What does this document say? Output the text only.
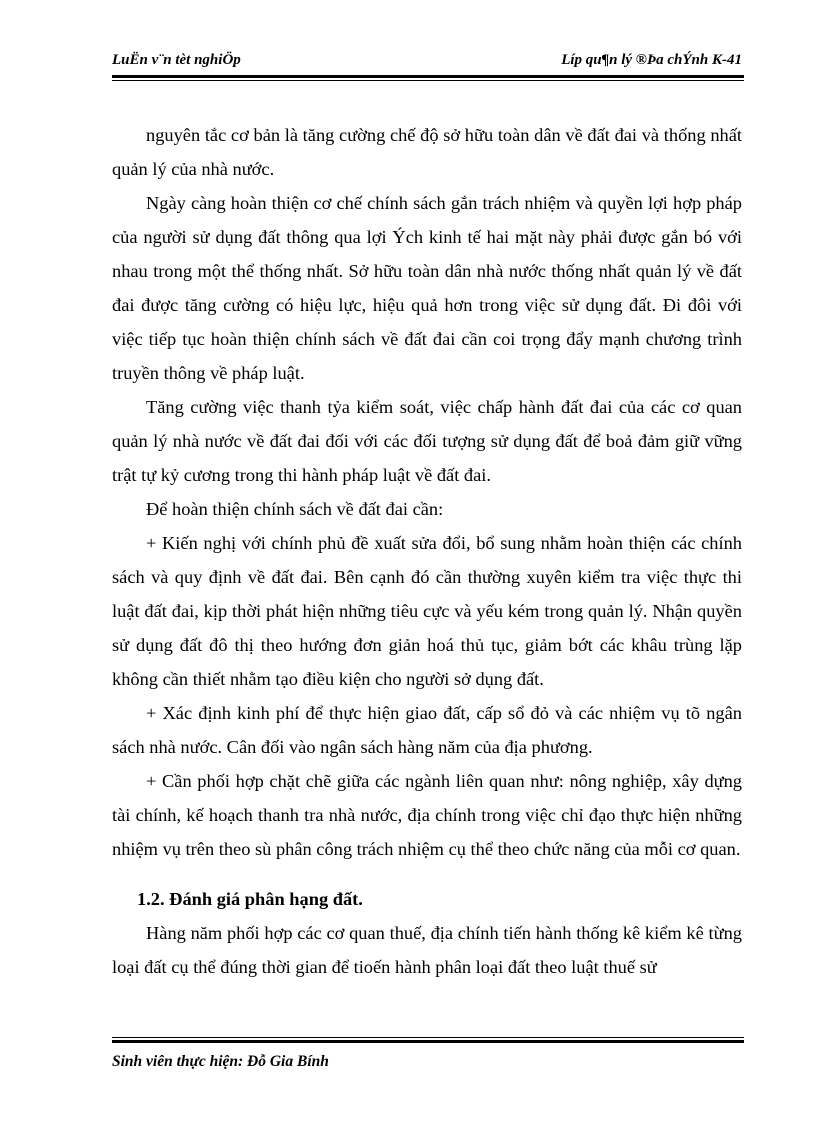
LuËn v¨n tèt nghiÖp	Líp qu¶n lý ®Þa chÝnh K-41

nguyên tắc cơ bản là tăng cường chế độ sở hữu toàn dân về đất đai và thống nhất quản lý của nhà nước.

Ngày càng hoàn thiện cơ chế chính sách gắn trách nhiệm và quyền lợi hợp pháp của người sử dụng đất thông qua lợi Ých kinh tế hai mặt này phải được gắn bó với nhau trong một thể thống nhất. Sở hữu toàn dân nhà nước thống nhất quản lý về đất đai được tăng cường có hiệu lực, hiệu quả hơn trong việc sử dụng đất. Đi đôi với việc tiếp tục hoàn thiện chính sách về đất đai cần coi trọng đẩy mạnh chương trình truyền thông về pháp luật.

Tăng cường việc thanh tỷa kiểm soát, việc chấp hành đất đai của các cơ quan quản lý nhà nước về đất đai đối với các đối tượng sử dụng đất để boả đảm giữ vững trật tự kỷ cương trong thi hành pháp luật về đất đai.

Để hoàn thiện chính sách về đất đai cần:

+ Kiến nghị với chính phủ đề xuất sửa đổi, bổ sung nhằm hoàn thiện các chính sách và quy định về đất đai. Bên cạnh đó cần thường xuyên kiểm tra việc thực thi luật đất đai, kịp thời phát hiện những tiêu cực và yếu kém trong quản lý. Nhận quyền sử dụng đất đô thị theo hướng đơn giản hoá thủ tục, giảm bớt các khâu trùng lặp không cần thiết nhằm tạo điều kiện cho người sở dụng đất.

+ Xác định kinh phí để thực hiện giao đất, cấp sổ đỏ và các nhiệm vụ tõ ngân sách nhà nước. Cân đối vào ngân sách hàng năm của địa phương.

+ Cần phối hợp chặt chẽ giữa các ngành liên quan như: nông nghiệp, xây dựng tài chính, kế hoạch thanh tra nhà nước, địa chính trong việc chỉ đạo thực hiện những nhiệm vụ trên theo sù phân công trách nhiệm cụ thể theo chức năng của mỗi cơ quan.

1.2. Đánh giá phân hạng đất.

Hàng năm phối hợp các cơ quan thuế, địa chính tiến hành thống kê kiểm kê từng loại đất cụ thể đúng thời gian để tioến hành phân loại đất theo luật thuế sử

Sinh viên thực hiện: Đỗ Gia Bính
